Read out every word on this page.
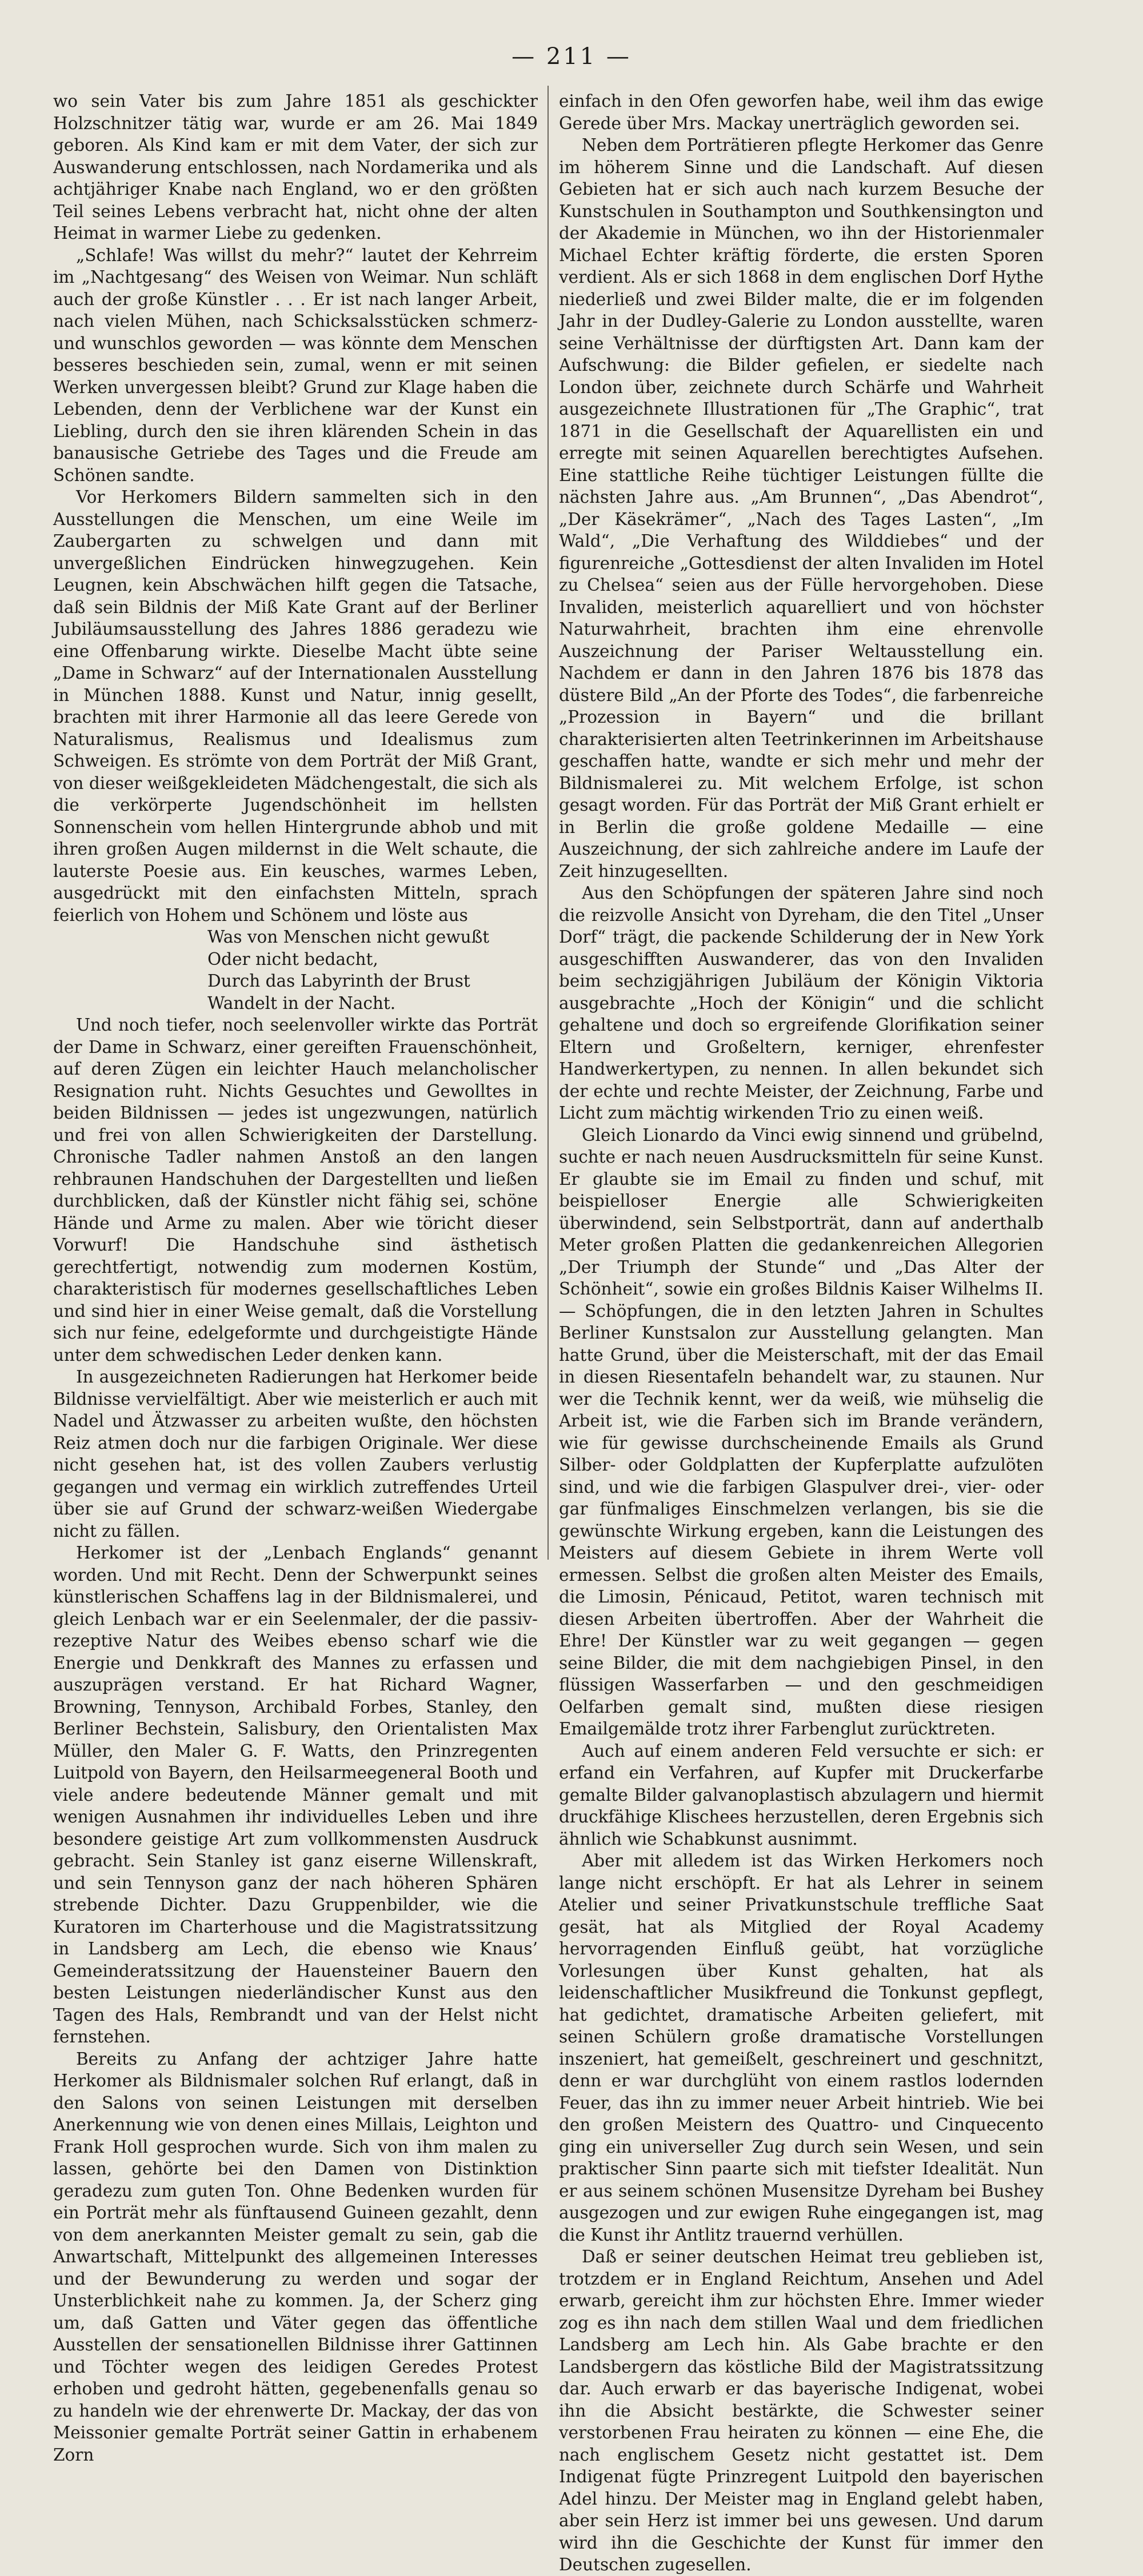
— 211 —

wo sein Vater bis zum Jahre 1851 als geschickter Holzschnitzer tätig war, wurde er am 26. Mai 1849 geboren. Als Kind kam er mit dem Vater, der sich zur Auswanderung entschlossen, nach Nordamerika und als achtjähriger Knabe nach England, wo er den größten Teil seines Lebens verbracht hat, nicht ohne der alten Heimat in warmer Liebe zu gedenken.

„Schlafe! Was willst du mehr?“ lautet der Kehrreim im „Nachtgesang“ des Weisen von Weimar. Nun schläft auch der große Künstler . . . Er ist nach langer Arbeit, nach vielen Mühen, nach Schicksalsstücken schmerz- und wunschlos geworden — was könnte dem Menschen besseres beschieden sein, zumal, wenn er mit seinen Werken unvergessen bleibt? Grund zur Klage haben die Lebenden, denn der Verblichene war der Kunst ein Liebling, durch den sie ihren klärenden Schein in das banausische Getriebe des Tages und die Freude am Schönen sandte.

Vor Herkomers Bildern sammelten sich in den Ausstellungen die Menschen, um eine Weile im Zaubergarten zu schwelgen und dann mit unvergeßlichen Eindrücken hinwegzugehen. Kein Leugnen, kein Abschwächen hilft gegen die Tatsache, daß sein Bildnis der Miß Kate Grant auf der Berliner Jubiläumsausstellung des Jahres 1886 geradezu wie eine Offenbarung wirkte. Dieselbe Macht übte seine „Dame in Schwarz“ auf der Internationalen Ausstellung in München 1888. Kunst und Natur, innig gesellt, brachten mit ihrer Harmonie all das leere Gerede von Naturalismus, Realismus und Idealismus zum Schweigen. Es strömte von dem Porträt der Miß Grant, von dieser weißgekleideten Mädchengestalt, die sich als die verkörperte Jugendschönheit im hellsten Sonnenschein vom hellen Hintergrunde abhob und mit ihren großen Augen mildernst in die Welt schaute, die lauterste Poesie aus. Ein keusches, warmes Leben, ausgedrückt mit den einfachsten Mitteln, sprach feierlich von Hohem und Schönem und löste aus

Was von Menschen nicht gewußt
Oder nicht bedacht,
Durch das Labyrinth der Brust
Wandelt in der Nacht.

Und noch tiefer, noch seelenvoller wirkte das Porträt der Dame in Schwarz, einer gereiften Frauenschönheit, auf deren Zügen ein leichter Hauch melancholischer Resignation ruht. Nichts Gesuchtes und Gewolltes in beiden Bildnissen — jedes ist ungezwungen, natürlich und frei von allen Schwierigkeiten der Darstellung. Chronische Tadler nahmen Anstoß an den langen rehbraunen Handschuhen der Dargestellten und ließen durchblicken, daß der Künstler nicht fähig sei, schöne Hände und Arme zu malen. Aber wie töricht dieser Vorwurf! Die Handschuhe sind ästhetisch gerechtfertigt, notwendig zum modernen Kostüm, charakteristisch für modernes gesellschaftliches Leben und sind hier in einer Weise gemalt, daß die Vorstellung sich nur feine, edelgeformte und durchgeistigte Hände unter dem schwedischen Leder denken kann.

In ausgezeichneten Radierungen hat Herkomer beide Bildnisse vervielfältigt. Aber wie meisterlich er auch mit Nadel und Ätzwasser zu arbeiten wußte, den höchsten Reiz atmen doch nur die farbigen Originale. Wer diese nicht gesehen hat, ist des vollen Zaubers verlustig gegangen und vermag ein wirklich zutreffendes Urteil über sie auf Grund der schwarz-weißen Wiedergabe nicht zu fällen.

Herkomer ist der „Lenbach Englands“ genannt worden. Und mit Recht. Denn der Schwerpunkt seines künstlerischen Schaffens lag in der Bildnismalerei, und gleich Lenbach war er ein Seelenmaler, der die passiv-rezeptive Natur des Weibes ebenso scharf wie die Energie und Denkkraft des Mannes zu erfassen und auszuprägen verstand. Er hat Richard Wagner, Browning, Tennyson, Archibald Forbes, Stanley, den Berliner Bechstein, Salisbury, den Orientalisten Max Müller, den Maler G. F. Watts, den Prinzregenten Luitpold von Bayern, den Heilsarmeegeneral Booth und viele andere bedeutende Männer gemalt und mit wenigen Ausnahmen ihr individuelles Leben und ihre besondere geistige Art zum vollkommensten Ausdruck gebracht. Sein Stanley ist ganz eiserne Willenskraft, und sein Tennyson ganz der nach höheren Sphären strebende Dichter. Dazu Gruppenbilder, wie die Kuratoren im Charterhouse und die Magistratssitzung in Landsberg am Lech, die ebenso wie Knaus’ Gemeinderatssitzung der Hauensteiner Bauern den besten Leistungen niederländischer Kunst aus den Tagen des Hals, Rembrandt und van der Helst nicht fernstehen.

Bereits zu Anfang der achtziger Jahre hatte Herkomer als Bildnismaler solchen Ruf erlangt, daß in den Salons von seinen Leistungen mit derselben Anerkennung wie von denen eines Millais, Leighton und Frank Holl gesprochen wurde. Sich von ihm malen zu lassen, gehörte bei den Damen von Distinktion geradezu zum guten Ton. Ohne Bedenken wurden für ein Porträt mehr als fünftausend Guineen gezahlt, denn von dem anerkannten Meister gemalt zu sein, gab die Anwartschaft, Mittelpunkt des allgemeinen Interesses und der Bewunderung zu werden und sogar der Unsterblichkeit nahe zu kommen. Ja, der Scherz ging um, daß Gatten und Väter gegen das öffentliche Ausstellen der sensationellen Bildnisse ihrer Gattinnen und Töchter wegen des leidigen Geredes Protest erhoben und gedroht hätten, gegebenenfalls genau so zu handeln wie der ehrenwerte Dr. Mackay, der das von Meissonier gemalte Porträt seiner Gattin in erhabenem Zorn

einfach in den Ofen geworfen habe, weil ihm das ewige Gerede über Mrs. Mackay unerträglich geworden sei.

Neben dem Porträtieren pflegte Herkomer das Genre im höherem Sinne und die Landschaft. Auf diesen Gebieten hat er sich auch nach kurzem Besuche der Kunstschulen in Southampton und Southkensington und der Akademie in München, wo ihn der Historienmaler Michael Echter kräftig förderte, die ersten Sporen verdient. Als er sich 1868 in dem englischen Dorf Hythe niederließ und zwei Bilder malte, die er im folgenden Jahr in der Dudley-Galerie zu London ausstellte, waren seine Verhältnisse der dürftigsten Art. Dann kam der Aufschwung: die Bilder gefielen, er siedelte nach London über, zeichnete durch Schärfe und Wahrheit ausgezeichnete Illustrationen für „The Graphic“, trat 1871 in die Gesellschaft der Aquarellisten ein und erregte mit seinen Aquarellen berechtigtes Aufsehen. Eine stattliche Reihe tüchtiger Leistungen füllte die nächsten Jahre aus. „Am Brunnen“, „Das Abendrot“, „Der Käsekrämer“, „Nach des Tages Lasten“, „Im Wald“, „Die Verhaftung des Wilddiebes“ und der figurenreiche „Gottesdienst der alten Invaliden im Hotel zu Chelsea“ seien aus der Fülle hervorgehoben. Diese Invaliden, meisterlich aquarelliert und von höchster Naturwahrheit, brachten ihm eine ehrenvolle Auszeichnung der Pariser Weltausstellung ein. Nachdem er dann in den Jahren 1876 bis 1878 das düstere Bild „An der Pforte des Todes“, die farbenreiche „Prozession in Bayern“ und die brillant charakterisierten alten Teetrinkerinnen im Arbeitshause geschaffen hatte, wandte er sich mehr und mehr der Bildnismalerei zu. Mit welchem Erfolge, ist schon gesagt worden. Für das Porträt der Miß Grant erhielt er in Berlin die große goldene Medaille — eine Auszeichnung, der sich zahlreiche andere im Laufe der Zeit hinzugesellten.

Aus den Schöpfungen der späteren Jahre sind noch die reizvolle Ansicht von Dyreham, die den Titel „Unser Dorf“ trägt, die packende Schilderung der in New York ausgeschifften Auswanderer, das von den Invaliden beim sechzigjährigen Jubiläum der Königin Viktoria ausgebrachte „Hoch der Königin“ und die schlicht gehaltene und doch so ergreifende Glorifikation seiner Eltern und Großeltern, kerniger, ehrenfester Handwerkertypen, zu nennen. In allen bekundet sich der echte und rechte Meister, der Zeichnung, Farbe und Licht zum mächtig wirkenden Trio zu einen weiß.

Gleich Lionardo da Vinci ewig sinnend und grübelnd, suchte er nach neuen Ausdrucksmitteln für seine Kunst. Er glaubte sie im Email zu finden und schuf, mit beispielloser Energie alle Schwierigkeiten überwindend, sein Selbstporträt, dann auf anderthalb Meter großen Platten die gedankenreichen Allegorien „Der Triumph der Stunde“ und „Das Alter der Schönheit“, sowie ein großes Bildnis Kaiser Wilhelms II. — Schöpfungen, die in den letzten Jahren in Schultes Berliner Kunstsalon zur Ausstellung gelangten. Man hatte Grund, über die Meisterschaft, mit der das Email in diesen Riesentafeln behandelt war, zu staunen. Nur wer die Technik kennt, wer da weiß, wie mühselig die Arbeit ist, wie die Farben sich im Brande verändern, wie für gewisse durchscheinende Emails als Grund Silber- oder Goldplatten der Kupferplatte aufzulöten sind, und wie die farbigen Glaspulver drei-, vier- oder gar fünfmaliges Einschmelzen verlangen, bis sie die gewünschte Wirkung ergeben, kann die Leistungen des Meisters auf diesem Gebiete in ihrem Werte voll ermessen. Selbst die großen alten Meister des Emails, die Limosin, Pénicaud, Petitot, waren technisch mit diesen Arbeiten übertroffen. Aber der Wahrheit die Ehre! Der Künstler war zu weit gegangen — gegen seine Bilder, die mit dem nachgiebigen Pinsel, in den flüssigen Wasserfarben — und den geschmeidigen Oelfarben gemalt sind, mußten diese riesigen Emailgemälde trotz ihrer Farbenglut zurücktreten.

Auch auf einem anderen Feld versuchte er sich: er erfand ein Verfahren, auf Kupfer mit Druckerfarbe gemalte Bilder galvanoplastisch abzulagern und hiermit druckfähige Klischees herzustellen, deren Ergebnis sich ähnlich wie Schabkunst ausnimmt.

Aber mit alledem ist das Wirken Herkomers noch lange nicht erschöpft. Er hat als Lehrer in seinem Atelier und seiner Privatkunstschule treffliche Saat gesät, hat als Mitglied der Royal Academy hervorragenden Einfluß geübt, hat vorzügliche Vorlesungen über Kunst gehalten, hat als leidenschaftlicher Musikfreund die Tonkunst gepflegt, hat gedichtet, dramatische Arbeiten geliefert, mit seinen Schülern große dramatische Vorstellungen inszeniert, hat gemeißelt, geschreinert und geschnitzt, denn er war durchglüht von einem rastlos lodernden Feuer, das ihn zu immer neuer Arbeit hintrieb. Wie bei den großen Meistern des Quattro- und Cinquecento ging ein universeller Zug durch sein Wesen, und sein praktischer Sinn paarte sich mit tiefster Idealität. Nun er aus seinem schönen Musensitze Dyreham bei Bushey ausgezogen und zur ewigen Ruhe eingegangen ist, mag die Kunst ihr Antlitz trauernd verhüllen.

Daß er seiner deutschen Heimat treu geblieben ist, trotzdem er in England Reichtum, Ansehen und Adel erwarb, gereicht ihm zur höchsten Ehre. Immer wieder zog es ihn nach dem stillen Waal und dem friedlichen Landsberg am Lech hin. Als Gabe brachte er den Landsbergern das köstliche Bild der Magistratssitzung dar. Auch erwarb er das bayerische Indigenat, wobei ihn die Absicht bestärkte, die Schwester seiner verstorbenen Frau heiraten zu können — eine Ehe, die nach englischem Gesetz nicht gestattet ist. Dem Indigenat fügte Prinzregent Luitpold den bayerischen Adel hinzu. Der Meister mag in England gelebt haben, aber sein Herz ist immer bei uns gewesen. Und darum wird ihn die Geschichte der Kunst für immer den Deutschen zugesellen.
